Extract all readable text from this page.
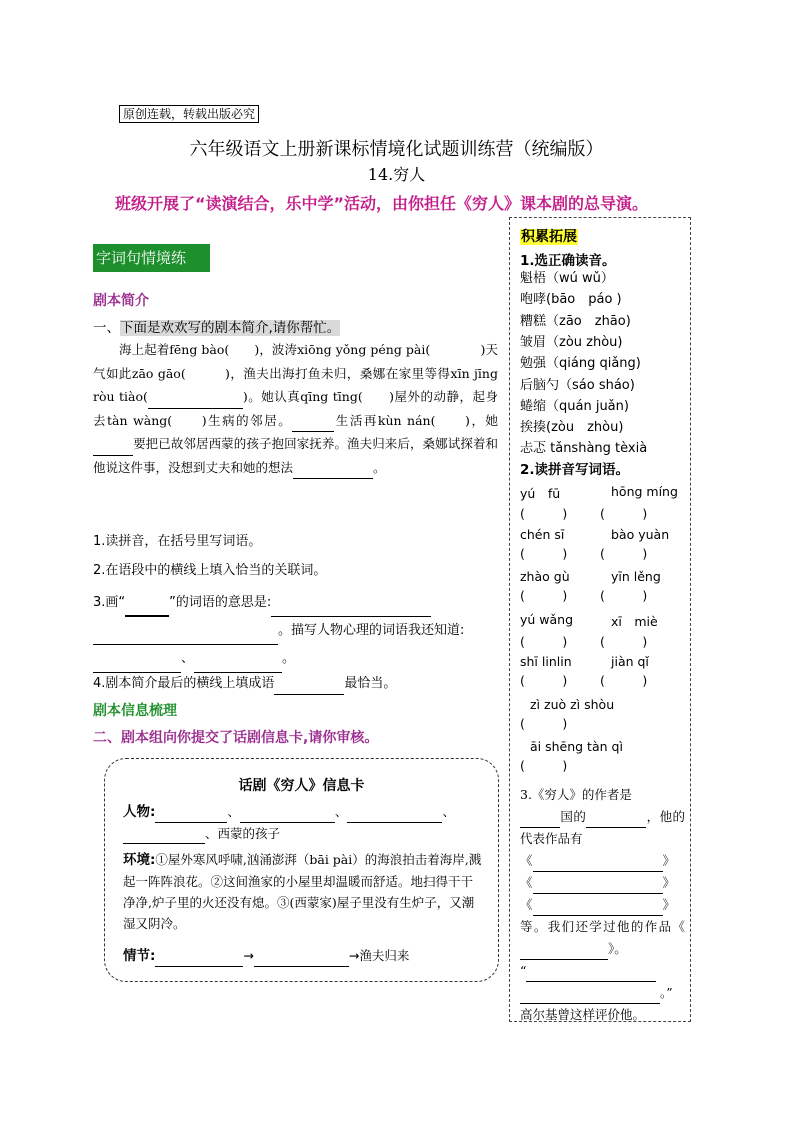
原创连载，转载出版必究
六年级语文上册新课标情境化试题训练营（统编版）
14.穷人
班级开展了“读演结合，乐中学”活动，由你担任《穷人》课本剧的总导演。
字词句情境练
剧本简介
一、下面是欢欢写的剧本简介,请你帮忙。
海上起着fēng bào(　　)，波涛xiōng yǒng péng pài(　　　　)天气如此zāo gāo(　　　)，渔夫出海打鱼未归，桑娜在家里等得xīn jīng ròu tiào(	)。她认真qīng tīng(　　)屋外的动静，起身去tàn wàng(　　)生病的邻居。	生活再kùn nán(　　)，她要把已故邻居西蒙的孩子抱回家抚养。渔夫归来后，桑娜试探着和他说这件事，没想到丈夫和她的想法	。
1.读拼音，在括号里写词语。
2.在语段中的横线上填入恰当的关联词。
3.画“	”的词语的意思是:
。描写人物心理的词语我还知道:、	。
4.剧本简介最后的横线上填成语	最恰当。
剧本信息梳理
二、剧本组向你提交了话剧信息卡,请你审核。
话剧《穷人》信息卡
人物:	、	、	、
、西蒙的孩子
环境:①屋外寒风呼啸,汹涌澎湃（bāi pài）的海浪拍击着海岸,溅起一阵阵浪花。②这间渔家的小屋里却温暖而舒适。地扫得干干净净,炉子里的火还没有熄。③(西蒙家)屋子里没有生炉子，又潮湿又阴冷。
情节:	→	→渔夫归来
积累拓展
1.选正确读音。
魁梧（wú wǔ）
咆哮(bāo　páo )
糟糕（zāo　zhāo)
皱眉（zòu zhòu)
勉强（qiáng qiǎng)
后脑勺（sáo sháo)
蜷缩（quán juǎn)
挨揍(zòu　zhòu)
忐忑 tǎnshàng tèxià
2.读拼音写词语。
yú　fū	hōng míng
(　　　)	(　　　)
chén sī	bào yuàn
(　　　)	(　　　)
zhào gù	yīn lěng
(　　　)	(　　　)
yú wǎng	xī　miè
(　　　)	(　　　)
shī linlin	jiàn qǐ
(　　　)	(　　　)
zì zuò zì shòu
(　　　)
āi shēng tàn qì
(　　　)
3.《穷人》的作者是
国的	，他的代表作品有
《	》
《	》
《	》
等。我们还学过他的作品《》。
“
。”
高尔基曾这样评价他。
